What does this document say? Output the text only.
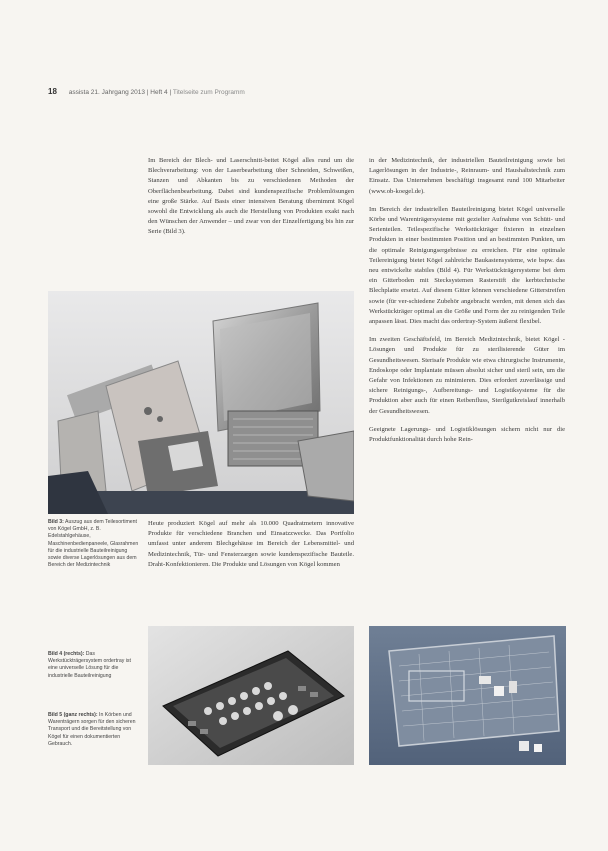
18 assista 21. Jahrgang 2013 | Heft 4 | Titelseite zum Programm

Im Bereich der Blech- und Laserschnitt-beitet Kögel alles rund um die Blechverarbeitung: von der Laserbearbeitung über Schneiden, Schweißen, Stanzen und Abkanten bis zu verschiedenen Methoden der Oberflächenbearbeitung. Dabei sind kundenspezifische Problemlösungen eine große Stärke. Auf Basis einer intensiven Beratung übernimmt Kögel sowohl die Entwicklung als auch die Herstellung von Produkten exakt nach den Wünschen der Anwender – und zwar von der Einzelfertigung bis hin zur Serie (Bild 3).

in der Medizintechnik, der industriellen Bauteilreinigung sowie bei Lagerlösungen in der Industrie-, Reinraum- und Haushaltstechnik zum Einsatz. Das Unternehmen beschäftigt insgesamt rund 100 Mitarbeiter (www.ob-koegel.de).

Im Bereich der industriellen Bauteilreinigung bietet Kögel universelle Körbe und Warenträgersysteme mit gezielter Aufnahme von Schütt- und Serienteilen. Teilespezifische Werkstückträger fixieren in einzelnen Produkten in einer bestimmten Position und an bestimmten Punkten, um die optimale Reinigungsergebnisse zu erreichen. Für eine optimale Teilereinigung bietet Kögel zahlreiche Baukastensysteme, wie bspw. das neu entwickelte stabiles (Bild 4). Für Werkstückträgersysteme bei dem ein Gitterboden mit Stecksystemen Rasterstift die kerbtechnische Blechplatte ersetzt. Auf diesem Gitter können verschiedene Gitterstreifen sowie (für ver-schiedene Zubehör angebracht werden, mit denen sich das Werkstückträger optimal an die Größe und Form der zu reinigenden Teile anpassen lässt. Dies macht das ordertray-System äußerst flexibel.

Im zweiten Geschäftsfeld, im Bereich Medizintechnik, bietet Kögel -Lösungen und Produkte für zu sterilisierende Güter im Gesundheitswesen. Sterisafe Produkte wie etwa chirurgische Instrumente, Endoskope oder Implantate müssen absolut sicher und steril sein, um die Gefahr von Infektionen zu minimieren. Dies erfordert zuverlässige und sichere Reinigungs-, Aufbereitungs- und Logistiksysteme für die Produktion aber auch für einen Reibenfluss, Sterilgutkreislauf innerhalb der Gesundheitswesen.

Geeignete Lagerungs- und Logistiklösungen sichern nicht nur die Produktfunktionalität durch hohe Rein-

Bild 3: Auszug aus dem Teilesortiment von Kögel GmbH, z. B. Edelstahlgehäuse, Maschinenbedienpaneele, Glasrahmen für die industrielle Bauteilreinigung sowie diverse Lagerlösungen aus dem Bereich der Medizintechnik

Heute produziert Kögel auf mehr als 10.000 Quadratmetern innovative Produkte für verschiedene Branchen und Einsatzzwecke. Das Portfolio umfasst unter anderem Blechgehäuse im Bereich der Lebensmittel- und Medizintechnik, Tür- und Fensterzargen sowie kundenspezifische Bauteile. Draht-Konfektionieren. Die Produkte und Lösungen von Kögel kommen

Bild 4 (rechts): Das Werkstückträgersystem ordertray ist eine universelle Lösung für die industrielle Bauteilreinigung
Bild 5 (ganz rechts): In Körben und Warenträgern sorgen für den sicheren Transport und die Bereitstellung von Kögel für einen dokumentierten Gebrauch.
